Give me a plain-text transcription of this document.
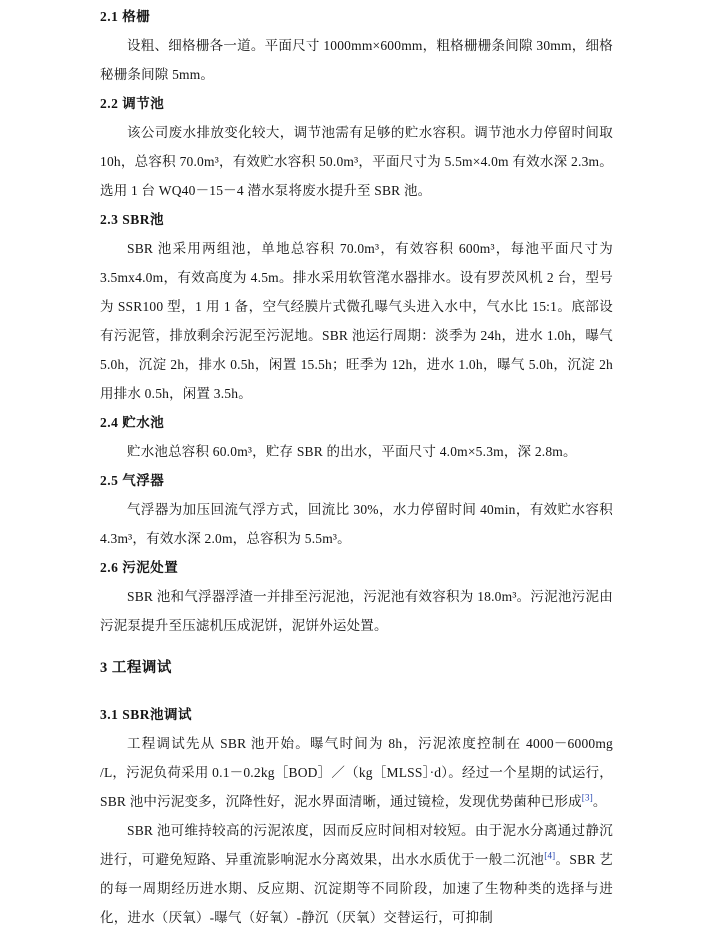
2.1 格栅

设粗、细格栅各一道。平面尺寸 1000mm×600mm，粗格栅栅条间隙 30mm，细格秘栅条间隙 5mm。

2.2 调节池

该公司废水排放变化较大，调节池需有足够的贮水容积。调节池水力停留时间取 10h，总容积 70.0m³，有效贮水容积 50.0m³，平面尺寸为 5.5m×4.0m 有效水深 2.3m。选用 1 台 WQ40－15－4 潜水泵将废水提升至 SBR 池。

2.3 SBR池

SBR 池采用两组池，单地总容积 70.0m³，有效容积 600m³，每池平面尺寸为 3.5mx4.0m，有效高度为 4.5m。排水采用软管滗水器排水。设有罗茨风机 2 台，型号为 SSR100 型，1 用 1 备，空气经膜片式微孔曝气头进入水中，气水比 15:1。底部设有污泥管，排放剩余污泥至污泥地。SBR 池运行周期：淡季为 24h，进水 1.0h，曝气 5.0h，沉淀 2h，排水 0.5h，闲置 15.5h；旺季为 12h，进水 1.0h，曝气 5.0h，沉淀 2h 用排水 0.5h，闲置 3.5h。

2.4 贮水池

贮水池总容积 60.0m³，贮存 SBR 的出水，平面尺寸 4.0m×5.3m，深 2.8m。

2.5 气浮器

气浮器为加压回流气浮方式，回流比 30%，水力停留时间 40min，有效贮水容积 4.3m³，有效水深 2.0m，总容积为 5.5m³。

2.6 污泥处置

SBR 池和气浮器浮渣一并排至污泥池，污泥池有效容积为 18.0m³。污泥池污泥由污泥泵提升至压滤机压成泥饼，泥饼外运处置。

3 工程调试
3.1 SBR池调试

工程调试先从 SBR 池开始。曝气时间为 8h，污泥浓度控制在 4000－6000mg /L，污泥负荷采用 0.1－0.2kg［BOD］／（kg［MLSS］·d）。经过一个星期的试运行，SBR 池中污泥变多，沉降性好，泥水界面清晰，通过镜检，发现优势菌种已形成[3]。

SBR 池可维持较高的污泥浓度，因而反应时间相对较短。由于泥水分离通过静沉进行，可避免短路、异重流影响泥水分离效果，出水水质优于一般二沉池[4]。SBR 艺的每一周期经历进水期、反应期、沉淀期等不同阶段，加速了生物种类的选择与进化，进水（厌氧）-曝气（好氧）-静沉（厌氧）交替运行，可抑制
